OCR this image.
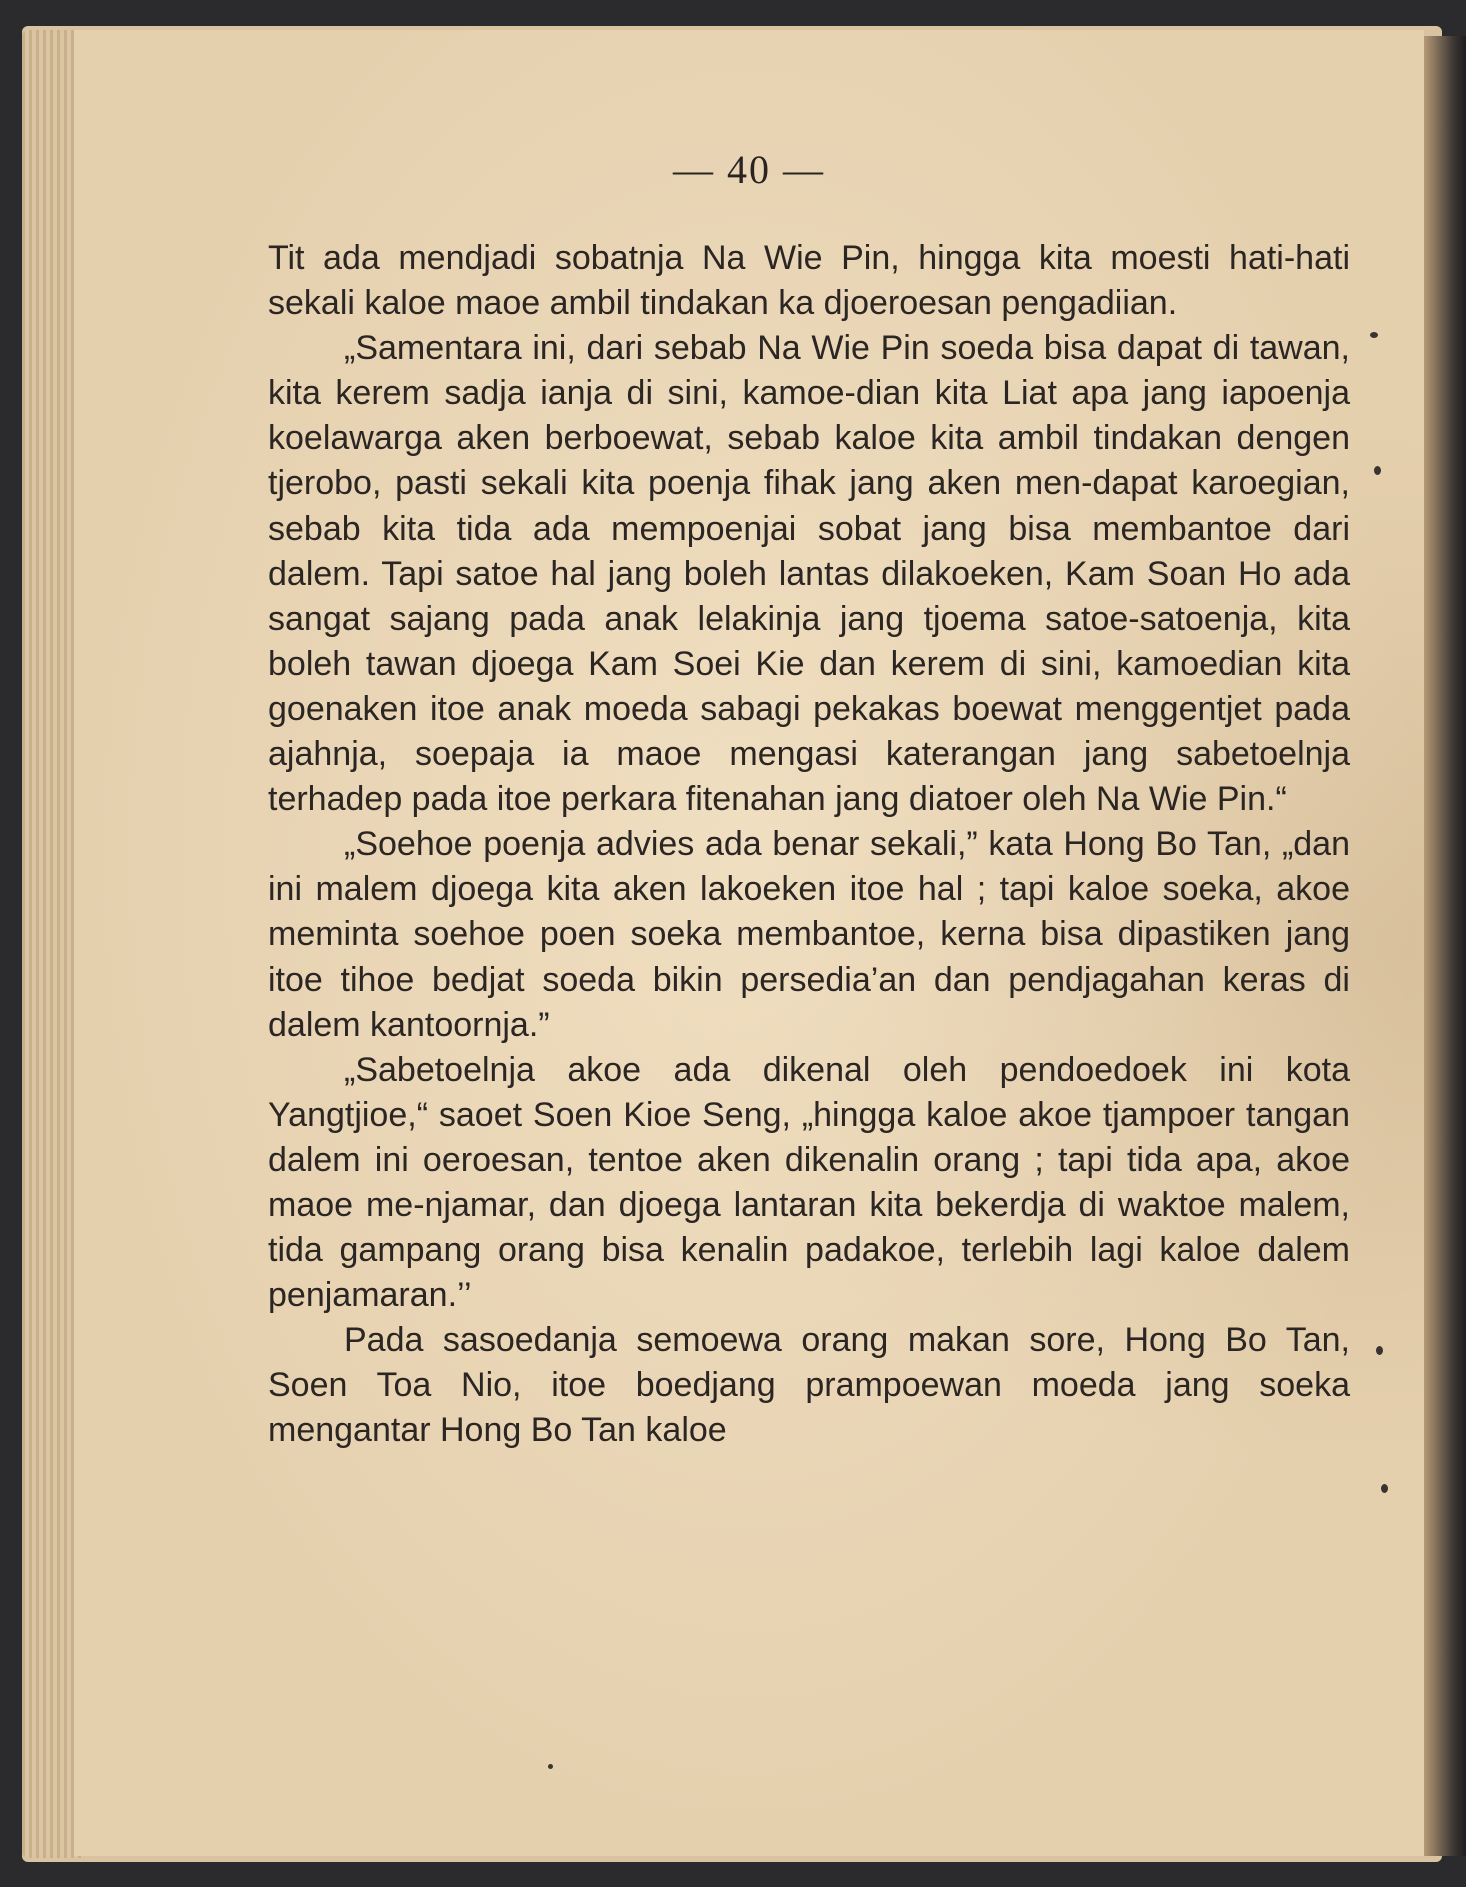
— 40 —

Tit ada mendjadi sobatnja Na Wie Pin, hingga kita moesti hati-hati sekali kaloe maoe ambil tindakan ka djoeroesan pengadiian.

„Samentara ini, dari sebab Na Wie Pin soeda bisa dapat di tawan, kita kerem sadja ianja di sini, kamoe-dian kita Liat apa jang iapoenja koelawarga aken berboewat, sebab kaloe kita ambil tindakan dengen tjerobo, pasti sekali kita poenja fihak jang aken men-dapat karoegian, sebab kita tida ada mempoenjai sobat jang bisa membantoe dari dalem. Tapi satoe hal jang boleh lantas dilakoeken, Kam Soan Ho ada sangat sajang pada anak lelakinja jang tjoema satoe-satoenja, kita boleh tawan djoega Kam Soei Kie dan kerem di sini, kamoedian kita goenaken itoe anak moeda sabagi pekakas boewat menggentjet pada ajahnja, soepaja ia maoe mengasi katerangan jang sabetoelnja terhadep pada itoe perkara fitenahan jang diatoer oleh Na Wie Pin.“

„Soehoe poenja advies ada benar sekali,” kata Hong Bo Tan, „dan ini malem djoega kita aken lakoeken itoe hal ; tapi kaloe soeka, akoe meminta soehoe poen soeka membantoe, kerna bisa dipastiken jang itoe tihoe bedjat soeda bikin persedia’an dan pendjagahan keras di dalem kantoornja.”

„Sabetoelnja akoe ada dikenal oleh pendoedoek ini kota Yangtjioe,“ saoet Soen Kioe Seng, „hingga kaloe akoe tjampoer tangan dalem ini oeroesan, tentoe aken dikenalin orang ; tapi tida apa, akoe maoe me-njamar, dan djoega lantaran kita bekerdja di waktoe malem, tida gampang orang bisa kenalin padakoe, terlebih lagi kaloe dalem penjamaran.’’

Pada sasoedanja semoewa orang makan sore, Hong Bo Tan, Soen Toa Nio, itoe boedjang prampoewan moeda jang soeka mengantar Hong Bo Tan kaloe
